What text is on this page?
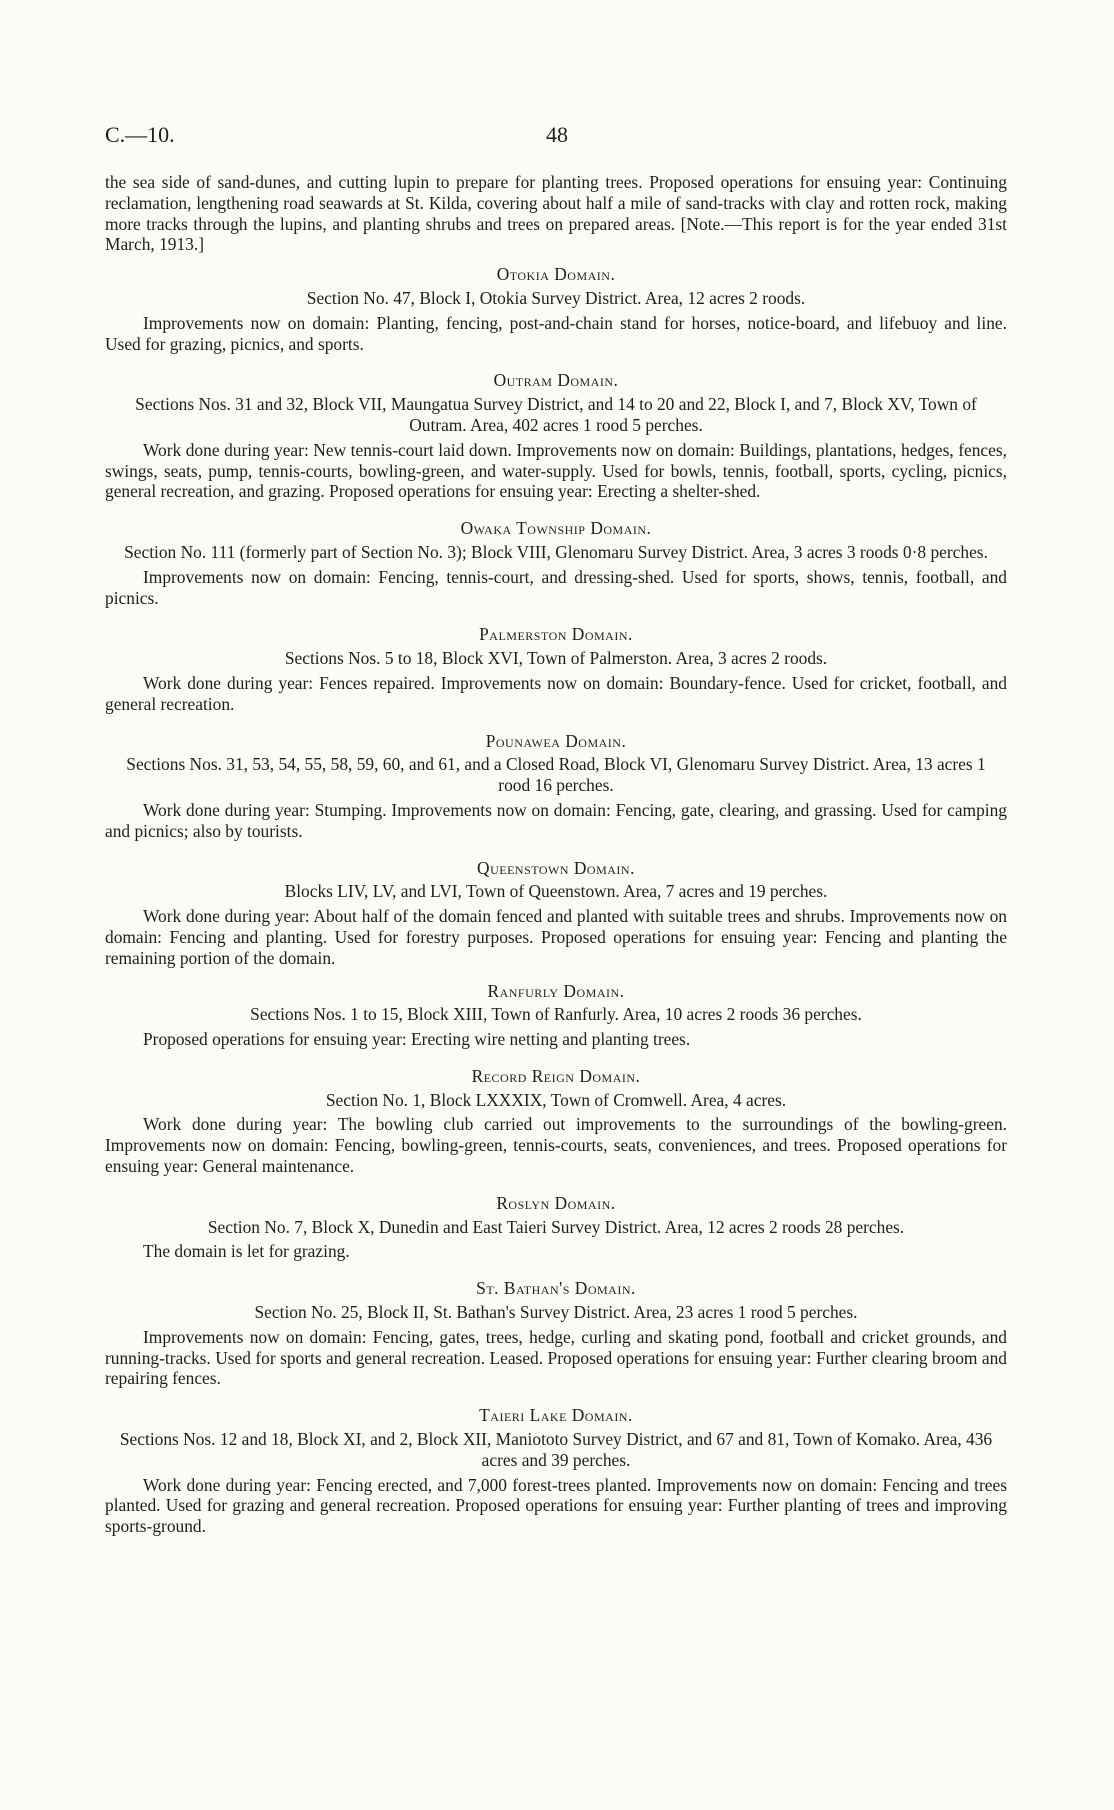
C.—10.	48

the sea side of sand-dunes, and cutting lupin to prepare for planting trees. Proposed operations for ensuing year: Continuing reclamation, lengthening road seawards at St. Kilda, covering about half a mile of sand-tracks with clay and rotten rock, making more tracks through the lupins, and planting shrubs and trees on prepared areas. [Note.—This report is for the year ended 31st March, 1913.]

Otokia Domain.

Section No. 47, Block I, Otokia Survey District. Area, 12 acres 2 roods.

Improvements now on domain: Planting, fencing, post-and-chain stand for horses, notice-board, and lifebuoy and line. Used for grazing, picnics, and sports.

Outram Domain.

Sections Nos. 31 and 32, Block VII, Maungatua Survey District, and 14 to 20 and 22, Block I, and 7, Block XV, Town of Outram. Area, 402 acres 1 rood 5 perches.

Work done during year: New tennis-court laid down. Improvements now on domain: Buildings, plantations, hedges, fences, swings, seats, pump, tennis-courts, bowling-green, and water-supply. Used for bowls, tennis, football, sports, cycling, picnics, general recreation, and grazing. Proposed operations for ensuing year: Erecting a shelter-shed.

Owaka Township Domain.

Section No. 111 (formerly part of Section No. 3); Block VIII, Glenomaru Survey District. Area, 3 acres 3 roods 0·8 perches.

Improvements now on domain: Fencing, tennis-court, and dressing-shed. Used for sports, shows, tennis, football, and picnics.

Palmerston Domain.

Sections Nos. 5 to 18, Block XVI, Town of Palmerston. Area, 3 acres 2 roods.

Work done during year: Fences repaired. Improvements now on domain: Boundary-fence. Used for cricket, football, and general recreation.

Pounawea Domain.

Sections Nos. 31, 53, 54, 55, 58, 59, 60, and 61, and a Closed Road, Block VI, Glenomaru Survey District. Area, 13 acres 1 rood 16 perches.

Work done during year: Stumping. Improvements now on domain: Fencing, gate, clearing, and grassing. Used for camping and picnics; also by tourists.

Queenstown Domain.

Blocks LIV, LV, and LVI, Town of Queenstown. Area, 7 acres and 19 perches.

Work done during year: About half of the domain fenced and planted with suitable trees and shrubs. Improvements now on domain: Fencing and planting. Used for forestry purposes. Proposed operations for ensuing year: Fencing and planting the remaining portion of the domain.

Ranfurly Domain.

Sections Nos. 1 to 15, Block XIII, Town of Ranfurly. Area, 10 acres 2 roods 36 perches.

Proposed operations for ensuing year: Erecting wire netting and planting trees.

Record Reign Domain.

Section No. 1, Block LXXXIX, Town of Cromwell. Area, 4 acres.

Work done during year: The bowling club carried out improvements to the surroundings of the bowling-green. Improvements now on domain: Fencing, bowling-green, tennis-courts, seats, conveniences, and trees. Proposed operations for ensuing year: General maintenance.

Roslyn Domain.

Section No. 7, Block X, Dunedin and East Taieri Survey District. Area, 12 acres 2 roods 28 perches.

The domain is let for grazing.

St. Bathan's Domain.

Section No. 25, Block II, St. Bathan's Survey District. Area, 23 acres 1 rood 5 perches.

Improvements now on domain: Fencing, gates, trees, hedge, curling and skating pond, football and cricket grounds, and running-tracks. Used for sports and general recreation. Leased. Proposed operations for ensuing year: Further clearing broom and repairing fences.

Taieri Lake Domain.

Sections Nos. 12 and 18, Block XI, and 2, Block XII, Maniototo Survey District, and 67 and 81, Town of Komako. Area, 436 acres and 39 perches.

Work done during year: Fencing erected, and 7,000 forest-trees planted. Improvements now on domain: Fencing and trees planted. Used for grazing and general recreation. Proposed operations for ensuing year: Further planting of trees and improving sports-ground.
